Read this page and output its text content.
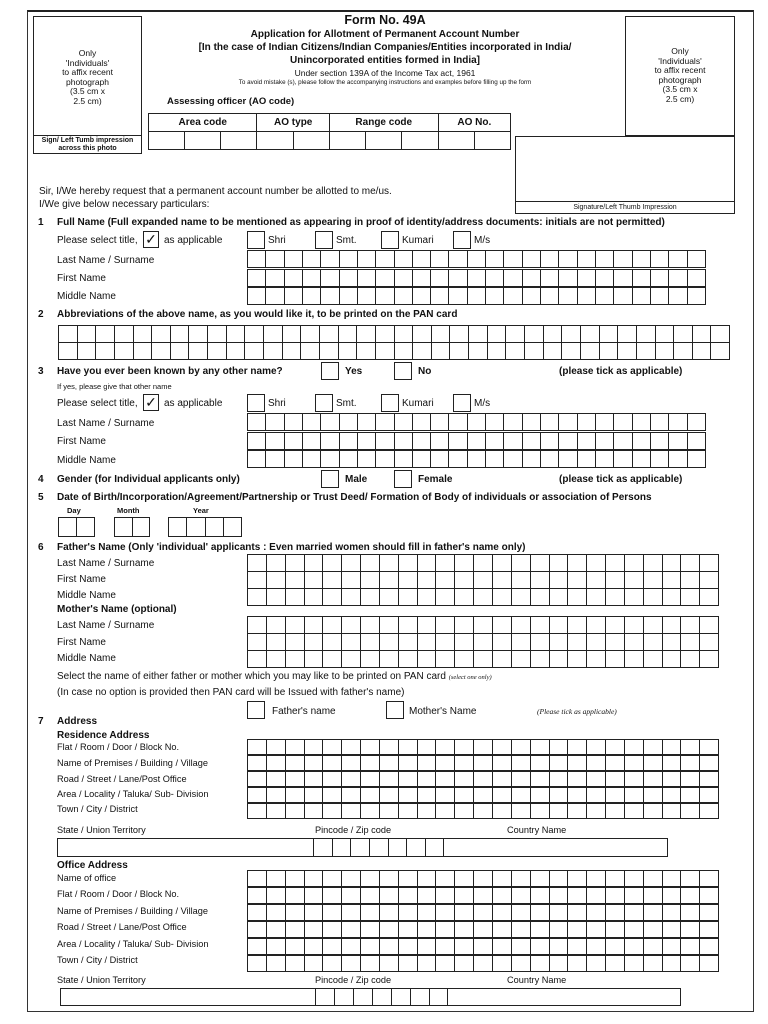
Only
'Individuals'
to affix recent
photograph
(3.5 cm x
2.5 cm)
Sign/ Left Tumb impression across this photo
Only
'Individuals'
to affix recent
photograph
(3.5 cm x
2.5 cm)
Signature/Left Thumb Impression
Form No. 49A
Application for Allotment of Permanent Account Number
[In the case of Indian Citizens/Indian Companies/Entities incorporated in India/
Unincorporated entities formed in India]
Under section 139A of the Income Tax act, 1961
To avoid mistake (s), please follow the accompanying instructions and examples before filling up the form
Assessing officer (AO code)
Area code			AO type		Range code			AO No.	

Sir, I/We hereby request that a permanent account number be allotted to me/us.
I/We give below necessary particulars:
1 Full Name (Full expanded name to be mentioned as appearing in proof of identity/address documents: initials are not permitted)
Please select title, ✓ as applicable	Shri	Smt.	Kumari	M/s
Last Name / Surname
First Name
Middle Name
2 Abbreviations of the above name, as you would like it, to be printed on the PAN card
3 Have you ever been known by any other name?	Yes	No	(please tick as applicable)
If yes, please give that other name
Please select title, ✓ as applicable	Shri	Smt.	Kumari	M/s
Last Name / Surname
First Name
Middle Name
4 Gender (for Individual applicants only)	Male	Female	(please tick as applicable)
5 Date of Birth/Incorporation/Agreement/Partnership or Trust Deed/ Formation of Body of individuals or association of Persons
Day	Month	Year
6 Father's Name (Only 'individual' applicants : Even married women should fill in father's name only)
Last Name / Surname
First Name
Middle Name
Mother's Name (optional)
Last Name / Surname
First Name
Middle Name
Select the name of either father or mother which you may like to be printed on PAN card (select one only)
(In case no option is provided then PAN card will be Issued with father's name)
Father's name	Mother's Name	(Please tick as applicable)
7 Address
Residence Address
Flat / Room / Door / Block No.
Name of Premises / Building / Village
Road / Street / Lane/Post Office
Area / Locality / Taluka/ Sub- Division
Town / City / District
State / Union Territory	Pincode / Zip code	Country Name
Office Address
Name of office
Flat / Room / Door / Block No.
Name of Premises / Building / Village
Road / Street / Lane/Post Office
Area / Locality / Taluka/ Sub- Division
Town / City / District
State / Union Territory	Pincode / Zip code	Country Name
